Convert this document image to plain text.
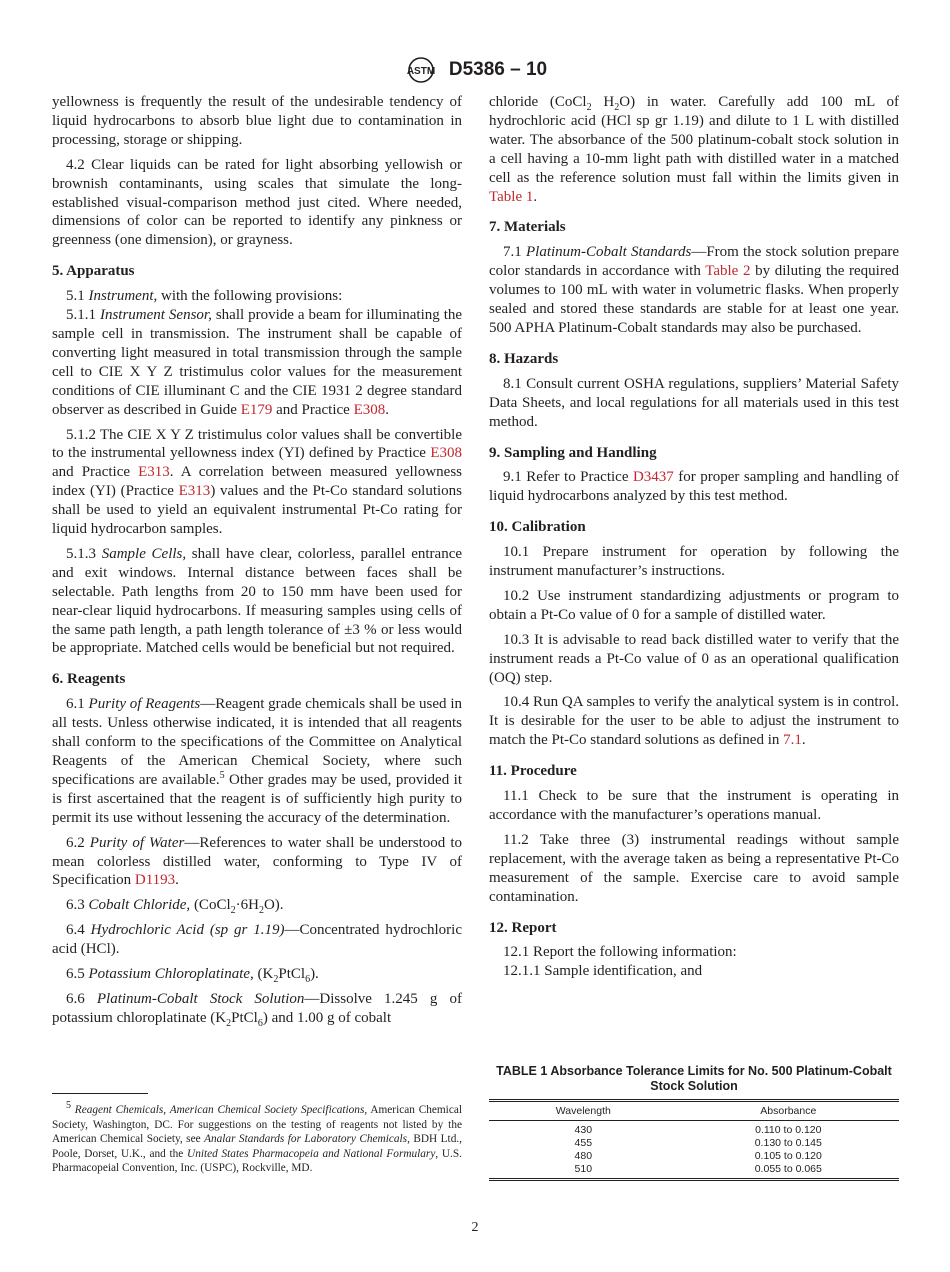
ASTM D5386 – 10

yellowness is frequently the result of the undesirable tendency of liquid hydrocarbons to absorb blue light due to contamination in processing, storage or shipping.

4.2 Clear liquids can be rated for light absorbing yellowish or brownish contaminants, using scales that simulate the long-established visual-comparison method just cited. Where needed, dimensions of color can be reported to identify any pinkness or greenness (one dimension), or grayness.

5. Apparatus

5.1 Instrument, with the following provisions:

5.1.1 Instrument Sensor, shall provide a beam for illuminating the sample cell in transmission. The instrument shall be capable of converting light measured in total transmission through the sample cell to CIE X Y Z tristimulus color values for the measurement conditions of CIE illuminant C and the CIE 1931 2 degree standard observer as described in Guide E179 and Practice E308.

5.1.2 The CIE X Y Z tristimulus color values shall be convertible to the instrumental yellowness index (YI) defined by Practice E308 and Practice E313. A correlation between measured yellowness index (YI) (Practice E313) values and the Pt-Co standard solutions shall be used to yield an equivalent instrumental Pt-Co rating for liquid hydrocarbon samples.

5.1.3 Sample Cells, shall have clear, colorless, parallel entrance and exit windows. Internal distance between faces shall be selectable. Path lengths from 20 to 150 mm have been used for near-clear liquid hydrocarbons. If measuring samples using cells of the same path length, a path length tolerance of ±3 % or less would be appropriate. Matched cells would be beneficial but not required.

6. Reagents

6.1 Purity of Reagents—Reagent grade chemicals shall be used in all tests. Unless otherwise indicated, it is intended that all reagents shall conform to the specifications of the Committee on Analytical Reagents of the American Chemical Society, where such specifications are available.$^5$ Other grades may be used, provided it is first ascertained that the reagent is of sufficiently high purity to permit its use without lessening the accuracy of the determination.

6.2 Purity of Water—References to water shall be understood to mean colorless distilled water, conforming to Type IV of Specification D1193.

6.3 Cobalt Chloride, $(CoCl_2\cdot 6H_2O)$.

6.4 Hydrochloric Acid (sp gr 1.19)—Concentrated hydrochloric acid (HCl).

6.5 Potassium Chloroplatinate, $(K_2PtCl_6)$.

6.6 Platinum-Cobalt Stock Solution—Dissolve 1.245 g of potassium chloroplatinate $(K_2PtCl_6)$ and 1.00 g of cobalt

chloride (CoCl$_2$ $H_2O$) in water. Carefully add 100 mL of hydrochloric acid (HCl sp gr 1.19) and dilute to 1 L with distilled water. The absorbance of the 500 platinum-cobalt stock solution in a cell having a 10-mm light path with distilled water in a matched cell as the reference solution must fall within the limits given in Table 1.

7. Materials

7.1 Platinum-Cobalt Standards—From the stock solution prepare color standards in accordance with Table 2 by diluting the required volumes to 100 mL with water in volumetric flasks. When properly sealed and stored these standards are stable for at least one year. 500 APHA Platinum-Cobalt standards may also be purchased.

8. Hazards

8.1 Consult current OSHA regulations, suppliers’ Material Safety Data Sheets, and local regulations for all materials used in this test method.

9. Sampling and Handling

9.1 Refer to Practice D3437 for proper sampling and handling of liquid hydrocarbons analyzed by this test method.

10. Calibration

10.1 Prepare instrument for operation by following the instrument manufacturer’s instructions.

10.2 Use instrument standardizing adjustments or program to obtain a Pt-Co value of 0 for a sample of distilled water.

10.3 It is advisable to read back distilled water to verify that the instrument reads a Pt-Co value of 0 as an operational qualification (OQ) step.

10.4 Run QA samples to verify the analytical system is in control. It is desirable for the user to be able to adjust the instrument to match the Pt-Co standard solutions as defined in 7.1.

11. Procedure

11.1 Check to be sure that the instrument is operating in accordance with the manufacturer’s operations manual.

11.2 Take three (3) instrumental readings without sample replacement, with the average taken as being a representative Pt-Co measurement of the sample. Exercise care to avoid sample contamination.

12. Report

12.1 Report the following information:

12.1.1 Sample identification, and

$^5$ Reagent Chemicals, American Chemical Society Specifications, American Chemical Society, Washington, DC. For suggestions on the testing of reagents not listed by the American Chemical Society, see Analar Standards for Laboratory Chemicals, BDH Ltd., Poole, Dorset, U.K., and the United States Pharmacopeia and National Formulary, U.S. Pharmacopeial Convention, Inc. (USPC), Rockville, MD.
TABLE 1 Absorbance Tolerance Limits for No. 500 Platinum-Cobalt Stock Solution
Wavelength	Absorbance
430	0.110 to 0.120
455	0.130 to 0.145
480	0.105 to 0.120
510	0.055 to 0.065
2
